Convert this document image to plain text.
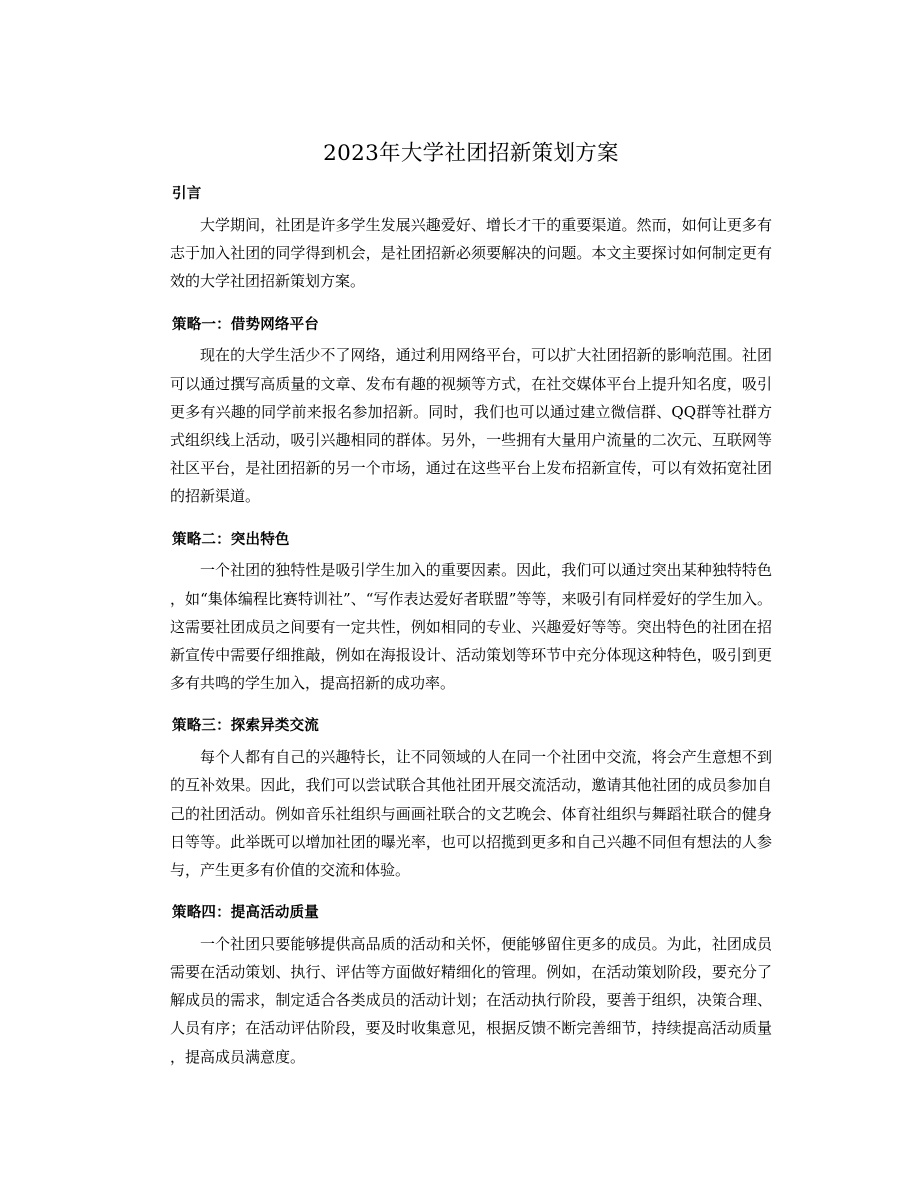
2023年大学社团招新策划方案
引言

大学期间，社团是许多学生发展兴趣爱好、增长才干的重要渠道。然而，如何让更多有志于加入社团的同学得到机会，是社团招新必须要解决的问题。本文主要探讨如何制定更有效的大学社团招新策划方案。

策略一：借势网络平台

现在的大学生活少不了网络，通过利用网络平台，可以扩大社团招新的影响范围。社团可以通过撰写高质量的文章、发布有趣的视频等方式，在社交媒体平台上提升知名度，吸引更多有兴趣的同学前来报名参加招新。同时，我们也可以通过建立微信群、QQ群等社群方式组织线上活动，吸引兴趣相同的群体。另外，一些拥有大量用户流量的二次元、互联网等社区平台，是社团招新的另一个市场，通过在这些平台上发布招新宣传，可以有效拓宽社团的招新渠道。

策略二：突出特色

一个社团的独特性是吸引学生加入的重要因素。因此，我们可以通过突出某种独特特色，如“集体编程比赛特训社”、“写作表达爱好者联盟”等等，来吸引有同样爱好的学生加入。这需要社团成员之间要有一定共性，例如相同的专业、兴趣爱好等等。突出特色的社团在招新宣传中需要仔细推敲，例如在海报设计、活动策划等环节中充分体现这种特色，吸引到更多有共鸣的学生加入，提高招新的成功率。

策略三：探索异类交流

每个人都有自己的兴趣特长，让不同领域的人在同一个社团中交流，将会产生意想不到的互补效果。因此，我们可以尝试联合其他社团开展交流活动，邀请其他社团的成员参加自己的社团活动。例如音乐社组织与画画社联合的文艺晚会、体育社组织与舞蹈社联合的健身日等等。此举既可以增加社团的曝光率，也可以招揽到更多和自己兴趣不同但有想法的人参与，产生更多有价值的交流和体验。

策略四：提高活动质量

一个社团只要能够提供高品质的活动和关怀，便能够留住更多的成员。为此，社团成员需要在活动策划、执行、评估等方面做好精细化的管理。例如，在活动策划阶段，要充分了解成员的需求，制定适合各类成员的活动计划；在活动执行阶段，要善于组织，决策合理、人员有序；在活动评估阶段，要及时收集意见，根据反馈不断完善细节，持续提高活动质量，提高成员满意度。
